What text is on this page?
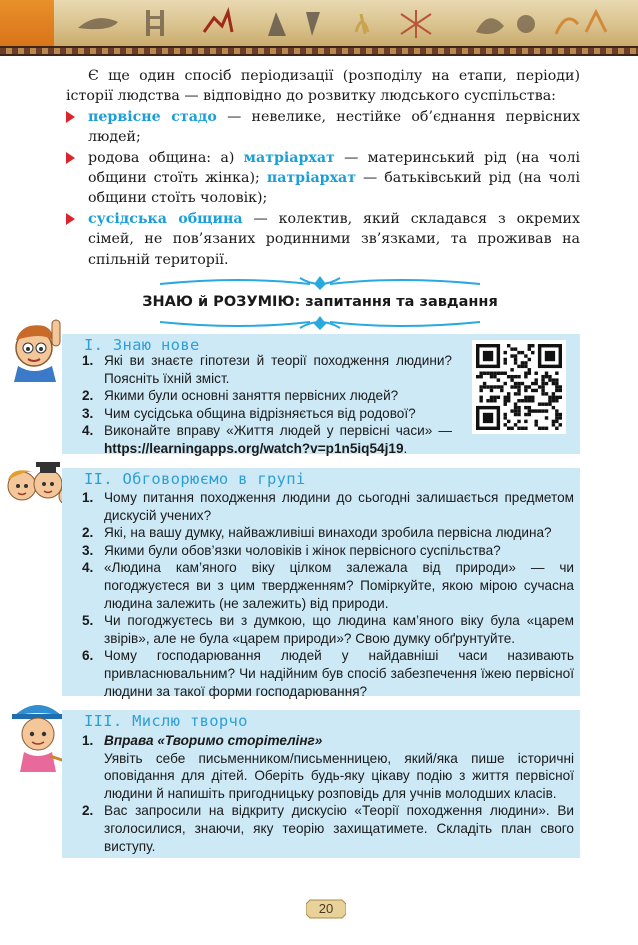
Є ще один спосіб періодизації (розподілу на етапи, періоди) історії людства — відповідно до розвитку людського суспільства:

первісне стадо — невелике, нестійке об’єднання первісних людей;
родова община: а) матріархат — материнський рід (на чолі общини стоїть жінка); патріархат — батьківський рід (на чолі общини стоїть чоловік);
сусідська община — колектив, який складався з окремих сімей, не пов’язаних родинними зв’язками, та проживав на спільній території.
ЗНАЮ й РОЗУМІЮ: запитання та завдання
I. Знаю нове
1. Які ви знаєте гіпотези й теорії походження людини? Поясніть їхній зміст.
2. Якими були основні заняття первісних людей?
3. Чим сусідська община відрізняється від родової?
4. Виконайте вправу «Життя людей у первісні часи» — https://learningapps.org/watch?v=p1n5iq54j19.
II. Обговорюємо в групі
1. Чому питання походження людини до сьогодні залишається предметом дискусій учених?
2. Які, на вашу думку, найважливіші винаходи зробила первісна людина?
3. Якими були обов’язки чоловіків і жінок первісного суспільства?
4. «Людина кам’яного віку цілком залежала від природи» — чи погоджуєтеся ви з цим твердженням? Поміркуйте, якою мірою сучасна людина залежить (не залежить) від природи.
5. Чи погоджуєтесь ви з думкою, що людина кам’яного віку була «царем звірів», але не була «царем природи»? Свою думку обґрунтуйте.
6. Чому господарювання людей у найдавніші часи називають привласнювальним? Чи надійним був спосіб забезпечення їжею первісної людини за такої форми господарювання?
III. Мислю творчо
1. Вправа «Творимо сторітелінг»
Уявіть себе письменником/письменницею, який/яка пише історичні оповідання для дітей. Оберіть будь-яку цікаву подію з життя первісної людини й напишіть пригодницьку розповідь для учнів молодших класів.
2. Вас запросили на відкриту дискусію «Теорії походження людини». Ви зголосилися, знаючи, яку теорію захищатимете. Складіть план свого виступу.
20
